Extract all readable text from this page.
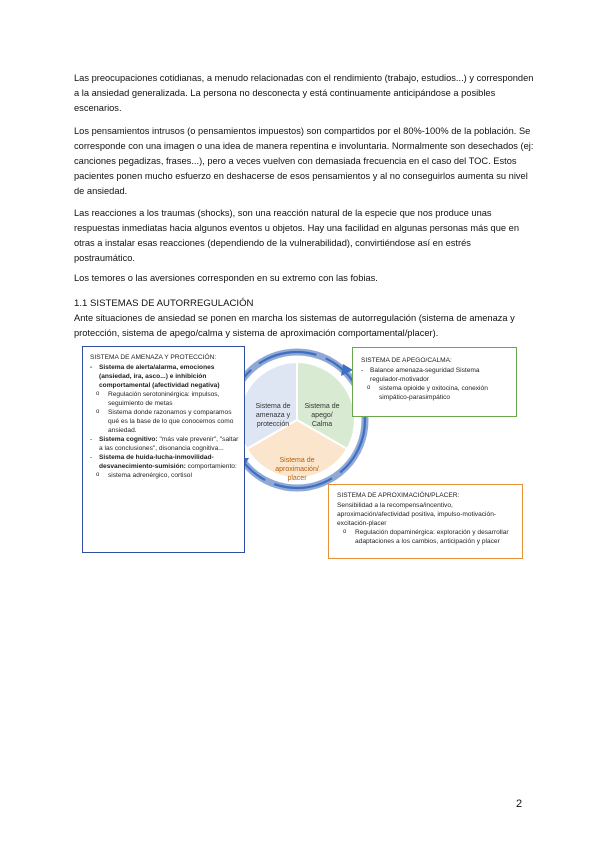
Las preocupaciones cotidianas, a menudo relacionadas con el rendimiento (trabajo, estudios...) y corresponden a la ansiedad generalizada. La persona no desconecta y está continuamente anticipándose a posibles escenarios.

Los pensamientos intrusos (o pensamientos impuestos) son compartidos por el 80%-100% de la población. Se corresponde con una imagen o una idea de manera repentina e involuntaria. Normalmente son desechados (ej: canciones pegadizas, frases...), pero a veces vuelven con demasiada frecuencia en el caso del TOC. Estos pacientes ponen mucho esfuerzo en deshacerse de esos pensamientos y al no conseguirlos aumenta su nivel de ansiedad.

Las reacciones a los traumas (shocks), son una reacción natural de la especie que nos produce unas respuestas inmediatas hacia algunos eventos u objetos. Hay una facilidad en algunas personas más que en otras a instalar esas reacciones (dependiendo de la vulnerabilidad), convirtiéndose así en estrés postraumático.

Los temores o las aversiones corresponden en su extremo con las fobias.

1.1 SISTEMAS DE AUTORREGULACIÓN

Ante situaciones de ansiedad se ponen en marcha los sistemas de autorregulación (sistema de amenaza y protección, sistema de apego/calma y sistema de aproximación comportamental/placer).

Sistema de
amenaza y
protección
Sistema de
apego/
Calma
Sistema de
aproximación/
placer
SISTEMA DE AMENAZA Y PROTECCIÓN:
- Sistema de alerta/alarma, emociones (ansiedad, ira, asco...) e inhibición comportamental (afectividad negativa)
o Regulación serotoninérgica: impulsos, seguimiento de metas
o Sistema donde razonamos y comparamos qué es la base de lo que conocemos como ansiedad.
- Sistema cognitivo: "más vale prevenir", "saltar a las conclusiones", disonancia cognitiva...
- Sistema de huida-lucha-inmovilidad-desvanecimiento-sumisión: comportamiento:
o sistema adrenérgico, cortisol
SISTEMA DE APEGO/CALMA:
- Balance amenaza-seguridad Sistema regulador-motivador
o sistema opioide y oxitocina, conexión simpático-parasimpático
SISTEMA DE APROXIMACIÓN/PLACER:
Sensibilidad a la recompensa/incentivo, aproximación/afectividad positiva, impulso-motivación-excitación-placer
o Regulación dopaminérgica: exploración y desarrollar adaptaciones a los cambios, anticipación y placer
2
